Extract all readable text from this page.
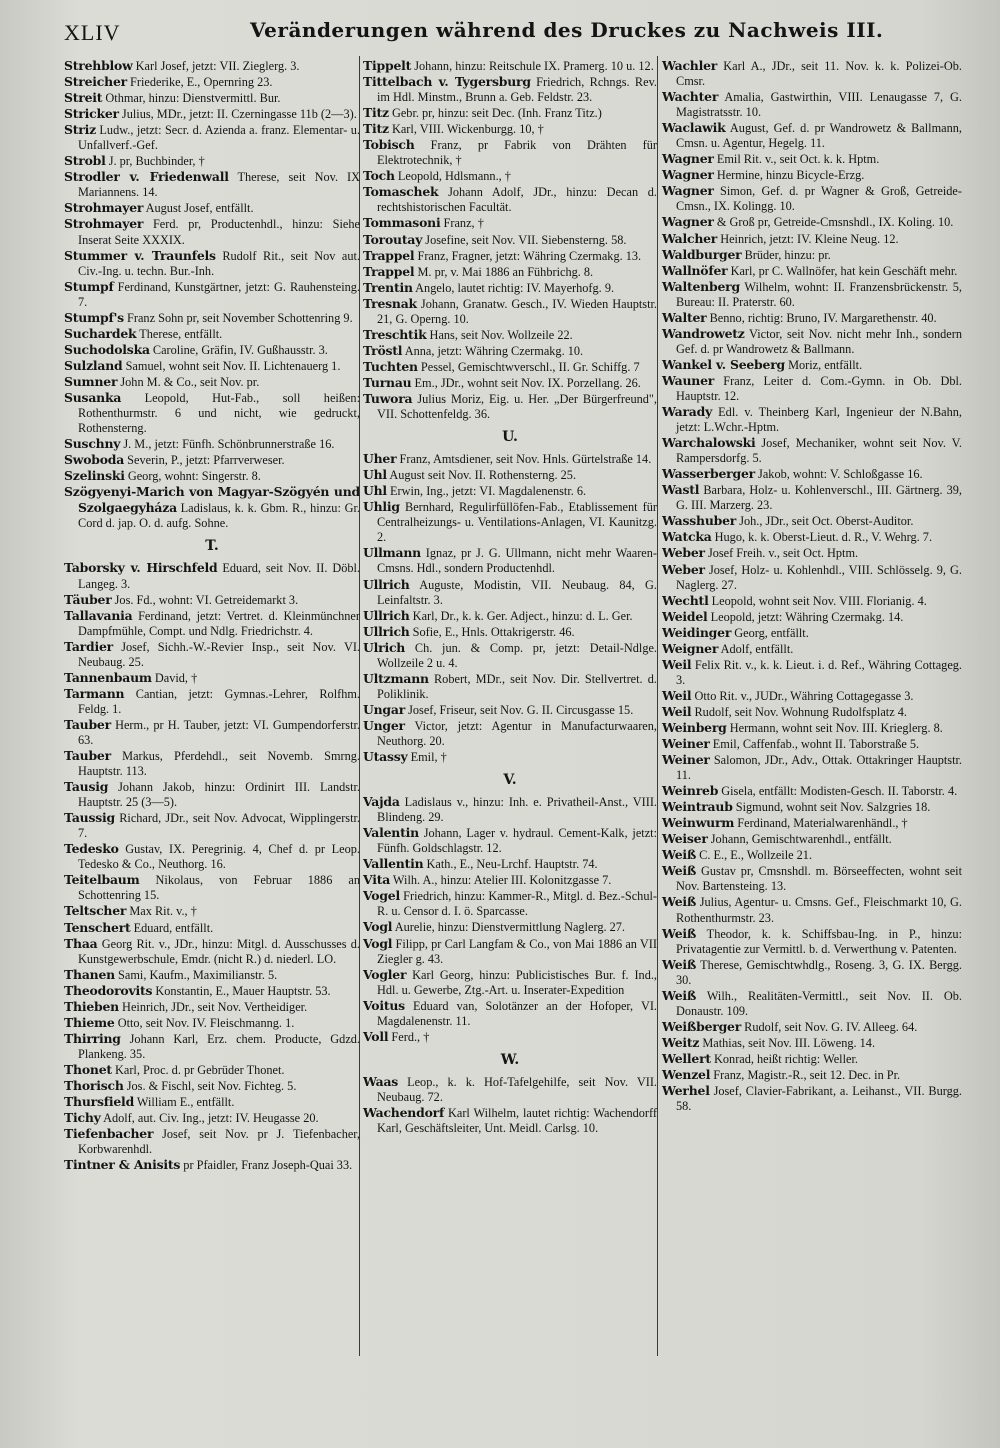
XLIV	Veränderungen während des Druckes zu Nachweis III.
Strehblow Karl Josef, jetzt: VII. Zieglerg. 3.
Streicher Friederike, E., Opernring 23.
Streit Othmar, hinzu: Dienstvermittl. Bur.
Stricker Julius, MDr., jetzt: II. Czerningasse 11b (2—3).
Striz Ludw., jetzt: Secr. d. Azienda a. franz. Elementar- u. Unfallverf.-Gef.
Strobl J. pr, Buchbinder, †
Strodler v. Friedenwall Therese, seit Nov. IX Mariannens. 14.
Strohmayer August Josef, entfällt.
Strohmayer Ferd. pr, Productenhdl., hinzu: Siehe Inserat Seite XXXIX.
Stummer v. Traunfels Rudolf Rit., seit Nov aut. Civ.-Ing. u. techn. Bur.-Inh.
Stumpf Ferdinand, Kunstgärtner, jetzt: G. Rauhensteing. 7.
Stumpf's Franz Sohn pr, seit November Schottenring 9.
Suchardek Therese, entfällt.
Suchodolska Caroline, Gräfin, IV. Gußhausstr. 3.
Sulzland Samuel, wohnt seit Nov. II. Lichtenauerg 1.
Sumner John M. & Co., seit Nov. pr.
Susanka Leopold, Hut-Fab., soll heißen: Rothenthurmstr. 6 und nicht, wie gedruckt, Rothensterng.
Suschny J. M., jetzt: Fünfh. Schönbrunnerstraße 16.
Swoboda Severin, P., jetzt: Pfarrverweser.
Szelinski Georg, wohnt: Singerstr. 8.
Szögyenyi-Marich von Magyar-Szögyén und Szolgaegyháza Ladislaus, k. k. Gbm. R., hinzu: Gr. Cord d. jap. O. d. aufg. Sohne.
T.
Taborsky v. Hirschfeld Eduard, seit Nov. II. Döbl. Langeg. 3.
Täuber Jos. Fd., wohnt: VI. Getreidemarkt 3.
Tallavania Ferdinand, jetzt: Vertret. d. Kleinmünchner Dampfmühle, Compt. und Ndlg. Friedrichstr. 4.
Tardier Josef, Sichh.-W.-Revier Insp., seit Nov. VI. Neubaug. 25.
Tannenbaum David, †
Tarmann Cantian, jetzt: Gymnas.-Lehrer, Rolfhm. Feldg. 1.
Tauber Herm., pr H. Tauber, jetzt: VI. Gumpendorferstr. 63.
Tauber Markus, Pferdehdl., seit Novemb. Smrng. Hauptstr. 113.
Tausig Johann Jakob, hinzu: Ordinirt III. Landstr. Hauptstr. 25 (3—5).
Taussig Richard, JDr., seit Nov. Advocat, Wipplingerstr. 7.
Tedesko Gustav, IX. Peregrinig. 4, Chef d. pr Leop. Tedesko & Co., Neuthorg. 16.
Teitelbaum Nikolaus, von Februar 1886 an Schottenring 15.
Teltscher Max Rit. v., †
Tenschert Eduard, entfällt.
Thaa Georg Rit. v., JDr., hinzu: Mitgl. d. Ausschusses d. Kunstgewerbschule, Emdr. (nicht R.) d. niederl. LO.
Thanen Sami, Kaufm., Maximilianstr. 5.
Theodorovits Konstantin, E., Mauer Hauptstr. 53.
Thieben Heinrich, JDr., seit Nov. Vertheidiger.
Thieme Otto, seit Nov. IV. Fleischmanng. 1.
Thirring Johann Karl, Erz. chem. Producte, Gdzd. Plankeng. 35.
Thonet Karl, Proc. d. pr Gebrüder Thonet.
Thorisch Jos. & Fischl, seit Nov. Fichteg. 5.
Thursfield William E., entfällt.
Tichy Adolf, aut. Civ. Ing., jetzt: IV. Heugasse 20.
Tiefenbacher Josef, seit Nov. pr J. Tiefenbacher, Korbwarenhdl.
Tintner & Anisits pr Pfaidler, Franz Joseph-Quai 33.
Tippelt Johann, hinzu: Reitschule IX. Pramerg. 10 u. 12.
Tittelbach v. Tygersburg Friedrich, Rchngs. Rev. im Hdl. Minstm., Brunn a. Geb. Feldstr. 23.
Titz Gebr. pr, hinzu: seit Dec. (Inh. Franz Titz.)
Titz Karl, VIII. Wickenburgg. 10, †
Tobisch Franz, pr Fabrik von Drähten für Elektrotechnik, †
Toch Leopold, Hdlsmann., †
Tomaschek Johann Adolf, JDr., hinzu: Decan d. rechtshistorischen Facultät.
Tommasoni Franz, †
Toroutay Josefine, seit Nov. VII. Siebensterng. 58.
Trappel Franz, Fragner, jetzt: Währing Czermakg. 13.
Trappel M. pr, v. Mai 1886 an Fühbrichg. 8.
Trentin Angelo, lautet richtig: IV. Mayerhofg. 9.
Tresnak Johann, Granatw. Gesch., IV. Wieden Hauptstr. 21, G. Operng. 10.
Treschtik Hans, seit Nov. Wollzeile 22.
Tröstl Anna, jetzt: Währing Czermakg. 10.
Tuchten Pessel, Gemischtwverschl., II. Gr. Schiffg. 7
Turnau Em., JDr., wohnt seit Nov. IX. Porzellang. 26.
Tuwora Julius Moriz, Eig. u. Her. „Der Bürgerfreund", VII. Schottenfeldg. 36.
U.
Uher Franz, Amtsdiener, seit Nov. Hnls. Gürtelstraße 14.
Uhl August seit Nov. II. Rothensterng. 25.
Uhl Erwin, Ing., jetzt: VI. Magdalenenstr. 6.
Uhlig Bernhard, Regulirfüllöfen-Fab., Etablissement für Centralheizungs- u. Ventilations-Anlagen, VI. Kaunitzg. 2.
Ullmann Ignaz, pr J. G. Ullmann, nicht mehr Waaren-Cmsns. Hdl., sondern Productenhdl.
Ullrich Auguste, Modistin, VII. Neubaug. 84, G. Leinfaltstr. 3.
Ullrich Karl, Dr., k. k. Ger. Adject., hinzu: d. L. Ger.
Ullrich Sofie, E., Hnls. Ottakrigerstr. 46.
Ulrich Ch. jun. & Comp. pr, jetzt: Detail-Ndlge. Wollzeile 2 u. 4.
Ultzmann Robert, MDr., seit Nov. Dir. Stellvertret. d. Poliklinik.
Ungar Josef, Friseur, seit Nov. G. II. Circusgasse 15.
Unger Victor, jetzt: Agentur in Manufacturwaaren, Neuthorg. 20.
Utassy Emil, †
V.
Vajda Ladislaus v., hinzu: Inh. e. Privatheil-Anst., VIII. Blindeng. 29.
Valentin Johann, Lager v. hydraul. Cement-Kalk, jetzt: Fünfh. Goldschlagstr. 12.
Vallentin Kath., E., Neu-Lrchf. Hauptstr. 74.
Vita Wilh. A., hinzu: Atelier III. Kolonitzgasse 7.
Vogel Friedrich, hinzu: Kammer-R., Mitgl. d. Bez.-Schul-R. u. Censor d. I. ö. Sparcasse.
Vogl Aurelie, hinzu: Dienstvermittlung Naglerg. 27.
Vogl Filipp, pr Carl Langfam & Co., von Mai 1886 an VII Ziegler g. 43.
Vogler Karl Georg, hinzu: Publicistisches Bur. f. Ind., Hdl. u. Gewerbe, Ztg.-Art. u. Inserater-Expedition
Voitus Eduard van, Solotänzer an der Hofoper, VI. Magdalenenstr. 11.
Voll Ferd., †
W.
Waas Leop., k. k. Hof-Tafelgehilfe, seit Nov. VII. Neubaug. 72.
Wachendorf Karl Wilhelm, lautet richtig: Wachendorff Karl, Geschäftsleiter, Unt. Meidl. Carlsg. 10.
Wachler Karl A., JDr., seit 11. Nov. k. k. Polizei-Ob. Cmsr.
Wachter Amalia, Gastwirthin, VIII. Lenaugasse 7, G. Magistratsstr. 10.
Waclawik August, Gef. d. pr Wandrowetz & Ballmann, Cmsn. u. Agentur, Hegelg. 11.
Wagner Emil Rit. v., seit Oct. k. k. Hptm.
Wagner Hermine, hinzu Bicycle-Erzg.
Wagner Simon, Gef. d. pr Wagner & Groß, Getreide-Cmsn., IX. Kolingg. 10.
Wagner & Groß pr, Getreide-Cmsnshdl., IX. Koling. 10.
Walcher Heinrich, jetzt: IV. Kleine Neug. 12.
Waldburger Brüder, hinzu: pr.
Wallnöfer Karl, pr C. Wallnöfer, hat kein Geschäft mehr.
Waltenberg Wilhelm, wohnt: II. Franzensbrückenstr. 5, Bureau: II. Praterstr. 60.
Walter Benno, richtig: Bruno, IV. Margarethenstr. 40.
Wandrowetz Victor, seit Nov. nicht mehr Inh., sondern Gef. d. pr Wandrowetz & Ballmann.
Wankel v. Seeberg Moriz, entfällt.
Wauner Franz, Leiter d. Com.-Gymn. in Ob. Dbl. Hauptstr. 12.
Warady Edl. v. Theinberg Karl, Ingenieur der N.Bahn, jetzt: L.Wchr.-Hptm.
Warchalowski Josef, Mechaniker, wohnt seit Nov. V. Rampersdorfg. 5.
Wasserberger Jakob, wohnt: V. Schloßgasse 16.
Wastl Barbara, Holz- u. Kohlenverschl., III. Gärtnerg. 39, G. III. Marzerg. 23.
Wasshuber Joh., JDr., seit Oct. Oberst-Auditor.
Watcka Hugo, k. k. Oberst-Lieut. d. R., V. Wehrg. 7.
Weber Josef Freih. v., seit Oct. Hptm.
Weber Josef, Holz- u. Kohlenhdl., VIII. Schlösselg. 9, G. Naglerg. 27.
Wechtl Leopold, wohnt seit Nov. VIII. Florianig. 4.
Weidel Leopold, jetzt: Währing Czermakg. 14.
Weidinger Georg, entfällt.
Weigner Adolf, entfällt.
Weil Felix Rit. v., k. k. Lieut. i. d. Ref., Währing Cottageg. 3.
Weil Otto Rit. v., JUDr., Währing Cottagegasse 3.
Weil Rudolf, seit Nov. Wohnung Rudolfsplatz 4.
Weinberg Hermann, wohnt seit Nov. III. Krieglerg. 8.
Weiner Emil, Caffenfab., wohnt II. Taborstraße 5.
Weiner Salomon, JDr., Adv., Ottak. Ottakringer Hauptstr. 11.
Weinreb Gisela, entfällt: Modisten-Gesch. II. Taborstr. 4.
Weintraub Sigmund, wohnt seit Nov. Salzgries 18.
Weinwurm Ferdinand, Materialwarenhändl., †
Weiser Johann, Gemischtwarenhdl., entfällt.
Weiß C. E., E., Wollzeile 21.
Weiß Gustav pr, Cmsnshdl. m. Börseeffecten, wohnt seit Nov. Bartensteing. 13.
Weiß Julius, Agentur- u. Cmsns. Gef., Fleischmarkt 10, G. Rothenthurmstr. 23.
Weiß Theodor, k. k. Schiffsbau-Ing. in P., hinzu: Privatagentie zur Vermittl. b. d. Verwerthung v. Patenten.
Weiß Therese, Gemischtwhdlg., Roseng. 3, G. IX. Bergg. 30.
Weiß Wilh., Realitäten-Vermittl., seit Nov. II. Ob. Donaustr. 109.
Weißberger Rudolf, seit Nov. G. IV. Alleeg. 64.
Weitz Mathias, seit Nov. III. Löweng. 14.
Wellert Konrad, heißt richtig: Weller.
Wenzel Franz, Magistr.-R., seit 12. Dec. in Pr.
Werhel Josef, Clavier-Fabrikant, a. Leihanst., VII. Burgg. 58.
